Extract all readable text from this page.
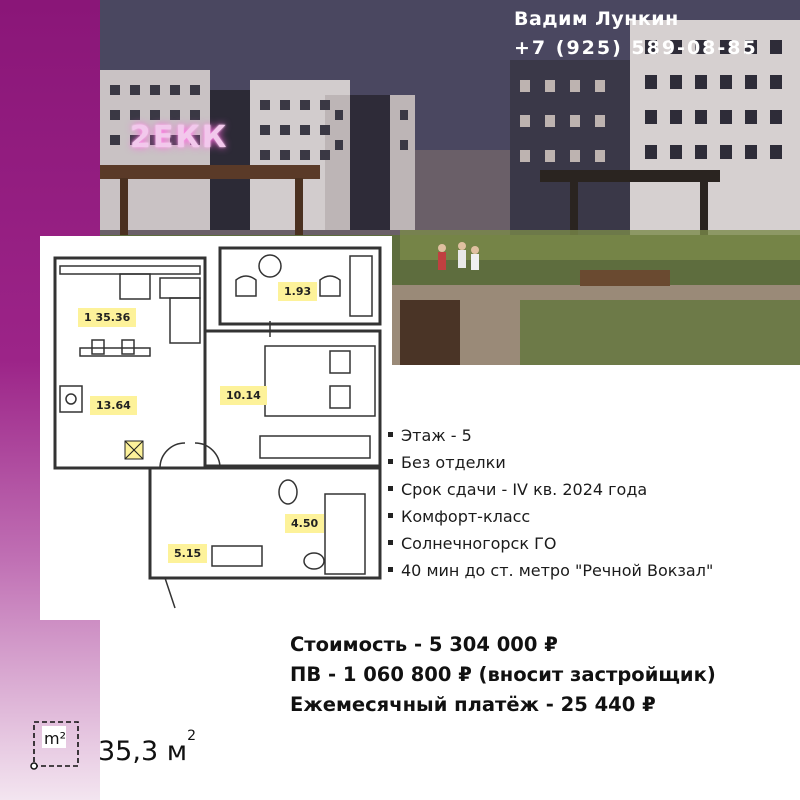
Вадим Лункин
+7 (925) 589-08-85
2ЕКК
1 35.36
13.64
1.93
10.14
4.50
5.15
Этаж - 5
Без отделки
Срок сдачи - IV кв. 2024 года
Комфорт-класс
Солнечногорск ГО
40 мин до ст. метро "Речной Вокзал"
Стоимость - 5 304 000 ₽
ПВ - 1 060 800 ₽ (вносит застройщик)
Ежемесячный платёж - 25 440 ₽
m² 35,3 $м^2$
